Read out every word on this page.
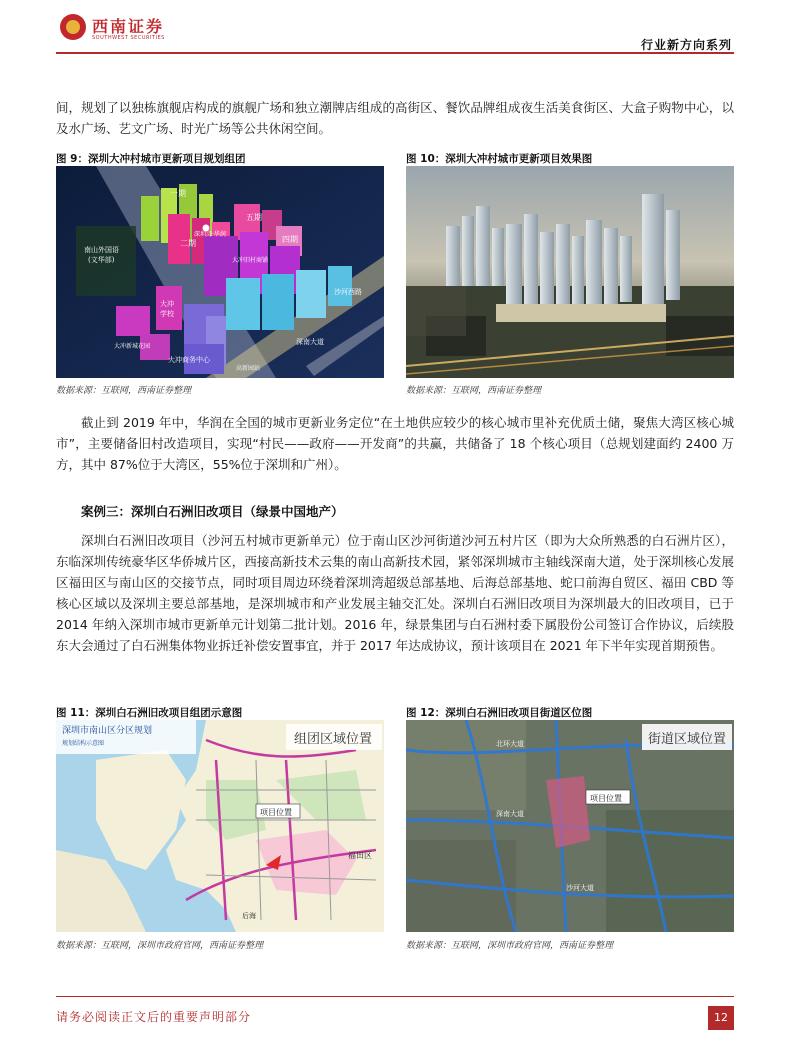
西南证券
SOUTHWEST SECURITIES	行业新方向系列
间，规划了以独栋旗舰店构成的旗舰广场和独立潮牌店组成的高街区、餐饮品牌组成夜生活美食街区、大盒子购物中心，以及水广场、艺文广场、时光广场等公共休闲空间。
图 9：深圳大冲村城市更新项目规划组团
一期
五期
四期
二期
南山外国语
(文华部)
深圳湾·华润
大冲旧村商铺
大冲
学校
大冲新城花园
大冲商务中心
沙河西路
深南大道
高新园站
数据来源：互联网，西南证券整理
图 10：深圳大冲村城市更新项目效果图
数据来源：互联网，西南证券整理
截止到 2019 年中，华润在全国的城市更新业务定位“在土地供应较少的核心城市里补充优质土储，聚焦大湾区核心城市”，主要储备旧村改造项目，实现“村民——政府——开发商”的共赢，共储备了 18 个核心项目（总规划建面约 2400 万方，其中 87%位于大湾区，55%位于深圳和广州）。
案例三：深圳白石洲旧改项目（绿景中国地产）
深圳白石洲旧改项目（沙河五村城市更新单元）位于南山区沙河街道沙河五村片区（即为大众所熟悉的白石洲片区），东临深圳传统豪华区华侨城片区，西接高新技术云集的南山高新技术园，紧邻深圳城市主轴线深南大道，处于深圳核心发展区福田区与南山区的交接节点，同时项目周边环绕着深圳湾超级总部基地、后海总部基地、蛇口前海自贸区、福田 CBD 等核心区域以及深圳主要总部基地，是深圳城市和产业发展主轴交汇处。深圳白石洲旧改项目为深圳最大的旧改项目，已于 2014 年纳入深圳市城市更新单元计划第二批计划。2016 年，绿景集团与白石洲村委下属股份公司签订合作协议，后续股东大会通过了白石洲集体物业拆迁补偿安置事宜，并于 2017 年达成协议，预计该项目在 2021 年下半年实现首期预售。
图 11：深圳白石洲旧改项目组团示意图
深圳市南山区分区规划
规划结构示意图	组团区域位置
项目位置
福田区
后海
数据来源：互联网，深圳市政府官网，西南证券整理
图 12：深圳白石洲旧改项目街道区位图
街道区域位置
项目位置
北环大道
深南大道
沙河大道
数据来源：互联网，深圳市政府官网，西南证券整理
请务必阅读正文后的重要声明部分	12
